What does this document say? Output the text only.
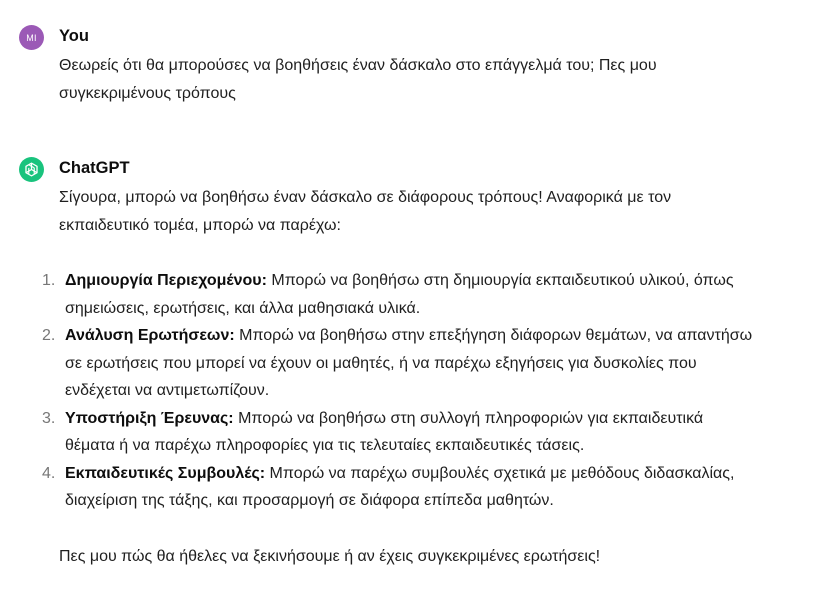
MI You
Θεωρείς ότι θα μπορούσες να βοηθήσεις έναν δάσκαλο στο επάγγελμά του; Πες μου
συγκεκριμένους τρόπους
ChatGPT
Σίγουρα, μπορώ να βοηθήσω έναν δάσκαλο σε διάφορους τρόπους! Αναφορικά με τον
εκπαιδευτικό τομέα, μπορώ να παρέχω:
1. Δημιουργία Περιεχομένου: Μπορώ να βοηθήσω στη δημιουργία εκπαιδευτικού υλικού, όπως
σημειώσεις, ερωτήσεις, και άλλα μαθησιακά υλικά.
2. Ανάλυση Ερωτήσεων: Μπορώ να βοηθήσω στην επεξήγηση διάφορων θεμάτων, να απαντήσω
σε ερωτήσεις που μπορεί να έχουν οι μαθητές, ή να παρέχω εξηγήσεις για δυσκολίες που
ενδέχεται να αντιμετωπίζουν.
3. Υποστήριξη Έρευνας: Μπορώ να βοηθήσω στη συλλογή πληροφοριών για εκπαιδευτικά
θέματα ή να παρέχω πληροφορίες για τις τελευταίες εκπαιδευτικές τάσεις.
4. Εκπαιδευτικές Συμβουλές: Μπορώ να παρέχω συμβουλές σχετικά με μεθόδους διδασκαλίας,
διαχείριση της τάξης, και προσαρμογή σε διάφορα επίπεδα μαθητών.
Πες μου πώς θα ήθελες να ξεκινήσουμε ή αν έχεις συγκεκριμένες ερωτήσεις!
